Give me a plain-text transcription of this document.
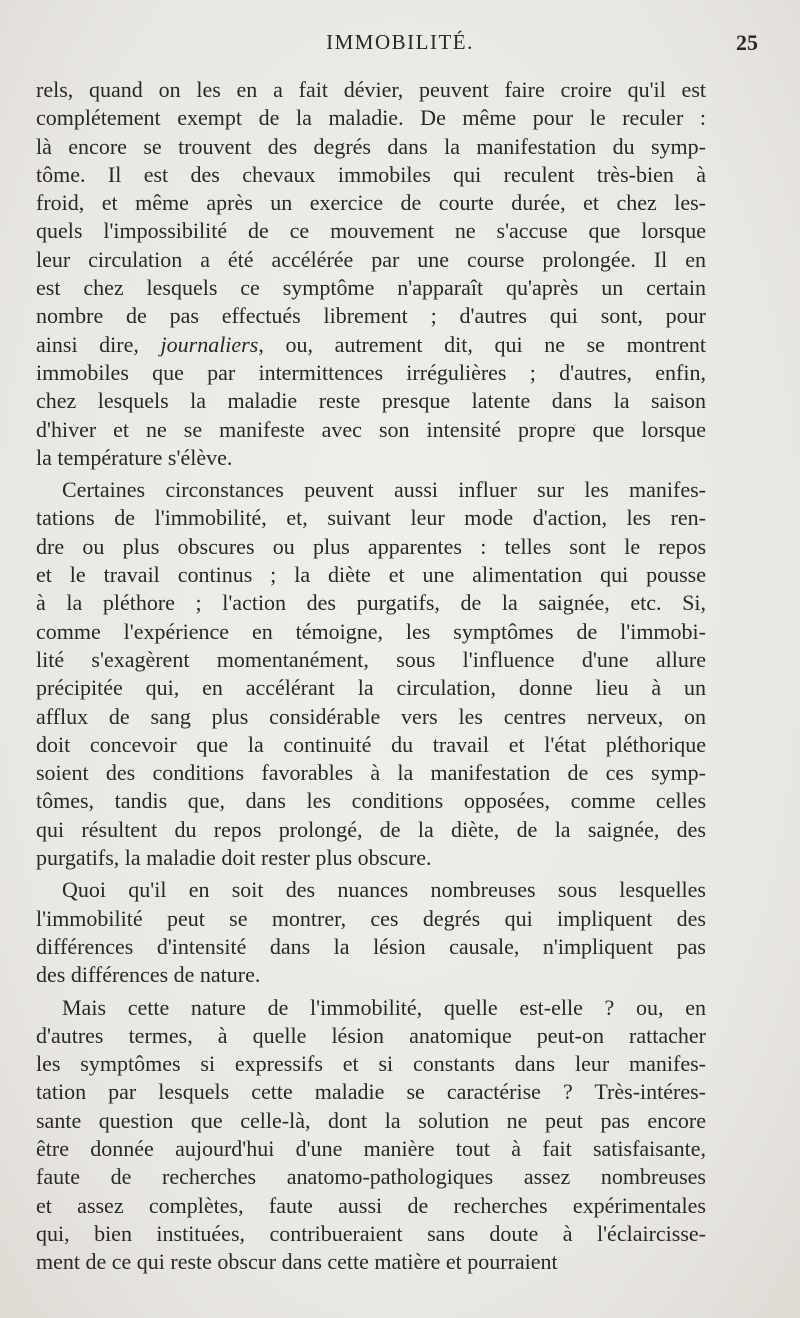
IMMOBILITÉ.	25
rels, quand on les en a fait dévier, peuvent faire croire qu'il est
complétement exempt de la maladie. De même pour le reculer :
là encore se trouvent des degrés dans la manifestation du symp-
tôme. Il est des chevaux immobiles qui reculent très-bien à
froid, et même après un exercice de courte durée, et chez les-
quels l'impossibilité de ce mouvement ne s'accuse que lorsque
leur circulation a été accélérée par une course prolongée. Il en
est chez lesquels ce symptôme n'apparaît qu'après un certain
nombre de pas effectués librement ; d'autres qui sont, pour
ainsi dire, journaliers, ou, autrement dit, qui ne se montrent
immobiles que par intermittences irrégulières ; d'autres, enfin,
chez lesquels la maladie reste presque latente dans la saison
d'hiver et ne se manifeste avec son intensité propre que lorsque
la température s'élève.
Certaines circonstances peuvent aussi influer sur les manifes-
tations de l'immobilité, et, suivant leur mode d'action, les ren-
dre ou plus obscures ou plus apparentes : telles sont le repos
et le travail continus ; la diète et une alimentation qui pousse
à la pléthore ; l'action des purgatifs, de la saignée, etc. Si,
comme l'expérience en témoigne, les symptômes de l'immobi-
lité s'exagèrent momentanément, sous l'influence d'une allure
précipitée qui, en accélérant la circulation, donne lieu à un
afflux de sang plus considérable vers les centres nerveux, on
doit concevoir que la continuité du travail et l'état pléthorique
soient des conditions favorables à la manifestation de ces symp-
tômes, tandis que, dans les conditions opposées, comme celles
qui résultent du repos prolongé, de la diète, de la saignée, des
purgatifs, la maladie doit rester plus obscure.
Quoi qu'il en soit des nuances nombreuses sous lesquelles
l'immobilité peut se montrer, ces degrés qui impliquent des
différences d'intensité dans la lésion causale, n'impliquent pas
des différences de nature.
Mais cette nature de l'immobilité, quelle est-elle ? ou, en
d'autres termes, à quelle lésion anatomique peut-on rattacher
les symptômes si expressifs et si constants dans leur manifes-
tation par lesquels cette maladie se caractérise ? Très-intéres-
sante question que celle-là, dont la solution ne peut pas encore
être donnée aujourd'hui d'une manière tout à fait satisfaisante,
faute de recherches anatomo-pathologiques assez nombreuses
et assez complètes, faute aussi de recherches expérimentales
qui, bien instituées, contribueraient sans doute à l'éclaircisse-
ment de ce qui reste obscur dans cette matière et pourraient
